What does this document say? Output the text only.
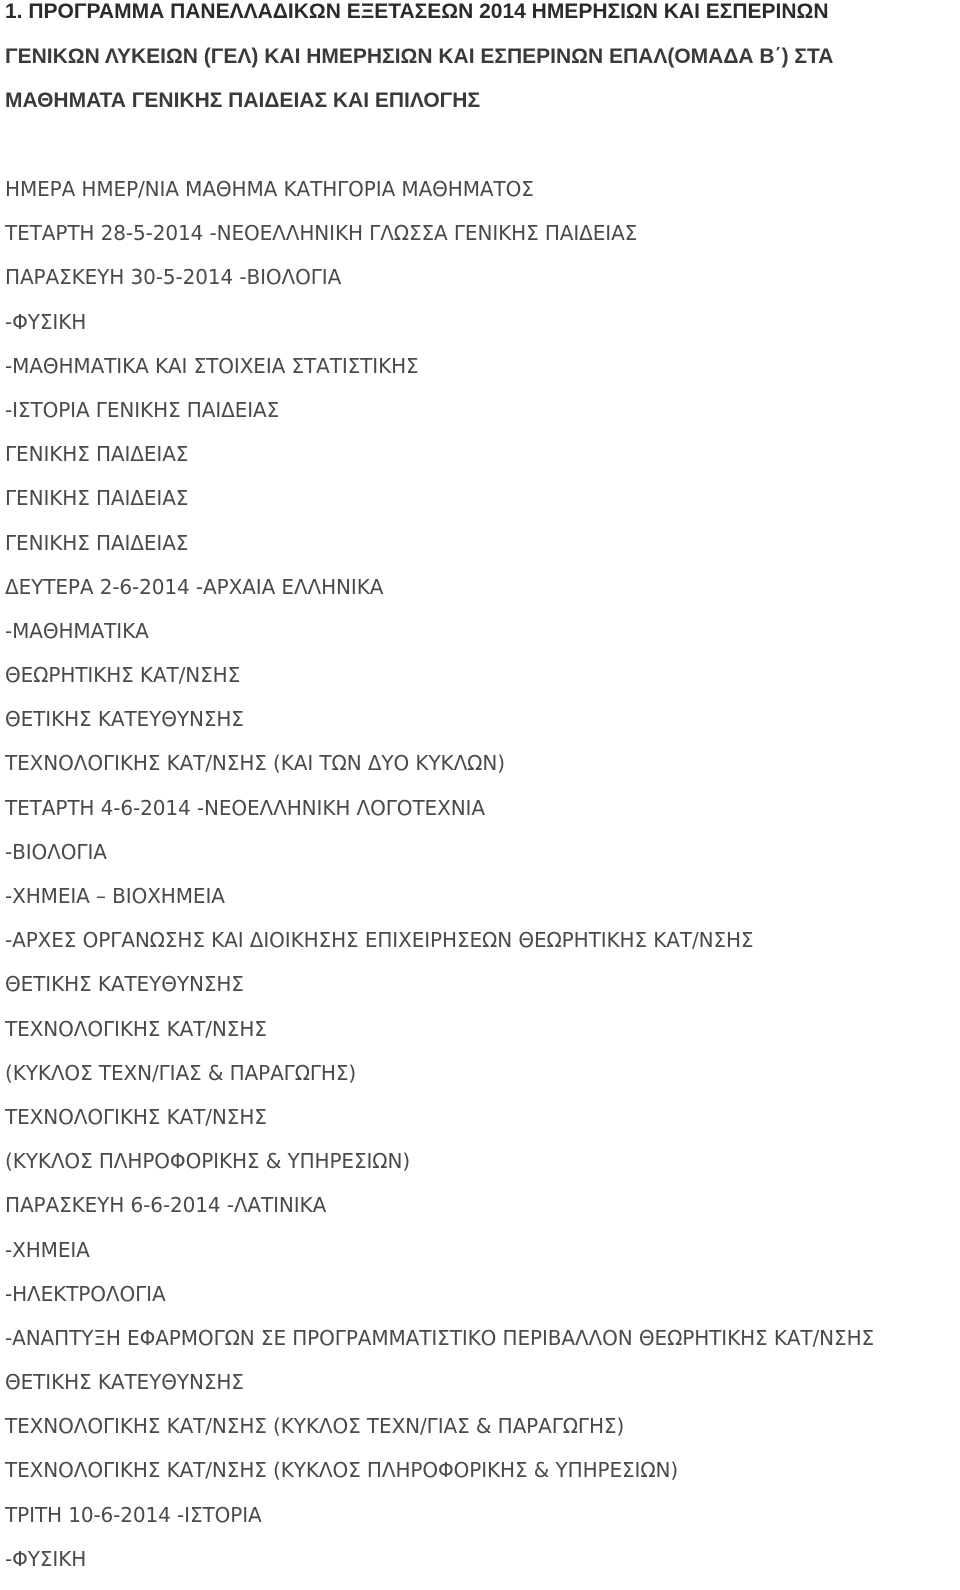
1. ΠΡΟΓΡΑΜΜΑ ΠΑΝΕΛΛΑΔΙΚΩΝ ΕΞΕΤΑΣΕΩΝ 2014 ΗΜΕΡΗΣΙΩΝ ΚΑΙ ΕΣΠΕΡΙΝΩΝ
ΓΕΝΙΚΩΝ ΛΥΚΕΙΩΝ (ΓΕΛ) ΚΑΙ ΗΜΕΡΗΣΙΩΝ ΚΑΙ ΕΣΠΕΡΙΝΩΝ ΕΠΑΛ(ΟΜΑΔΑ Β΄) ΣΤΑ
ΜΑΘΗΜΑΤΑ ΓΕΝΙΚΗΣ ΠΑΙΔΕΙΑΣ ΚΑΙ ΕΠΙΛΟΓΗΣ
ΗΜΕΡΑ ΗΜΕΡ/ΝΙΑ ΜΑΘΗΜΑ ΚΑΤΗΓΟΡΙΑ ΜΑΘΗΜΑΤΟΣ
ΤΕΤΑΡΤΗ 28-5-2014 -ΝΕΟΕΛΛΗΝΙΚΗ ΓΛΩΣΣΑ ΓΕΝΙΚΗΣ ΠΑΙΔΕΙΑΣ
ΠΑΡΑΣΚΕΥΗ 30-5-2014 -ΒΙΟΛΟΓΙΑ
-ΦΥΣΙΚΗ
-ΜΑΘΗΜΑΤΙΚΑ ΚΑΙ ΣΤΟΙΧΕΙΑ ΣΤΑΤΙΣΤΙΚΗΣ
-ΙΣΤΟΡΙΑ ΓΕΝΙΚΗΣ ΠΑΙΔΕΙΑΣ
ΓΕΝΙΚΗΣ ΠΑΙΔΕΙΑΣ
ΓΕΝΙΚΗΣ ΠΑΙΔΕΙΑΣ
ΓΕΝΙΚΗΣ ΠΑΙΔΕΙΑΣ
ΔΕΥΤΕΡΑ 2-6-2014 -ΑΡΧΑΙΑ ΕΛΛΗΝΙΚΑ
-ΜΑΘΗΜΑΤΙΚΑ
ΘΕΩΡΗΤΙΚΗΣ ΚΑΤ/ΝΣΗΣ
ΘΕΤΙΚΗΣ ΚΑΤΕΥΘΥΝΣΗΣ
ΤΕΧΝΟΛΟΓΙΚΗΣ ΚΑΤ/ΝΣΗΣ (ΚΑΙ ΤΩΝ ΔΥΟ ΚΥΚΛΩΝ)
ΤΕΤΑΡΤΗ 4-6-2014 -ΝΕΟΕΛΛΗΝΙΚΗ ΛΟΓΟΤΕΧΝΙΑ
-ΒΙΟΛΟΓΙΑ
-ΧΗΜΕΙΑ – ΒΙΟΧΗΜΕΙΑ
-ΑΡΧΕΣ ΟΡΓΑΝΩΣΗΣ ΚΑΙ ΔΙΟΙΚΗΣΗΣ ΕΠΙΧΕΙΡΗΣΕΩΝ ΘΕΩΡΗΤΙΚΗΣ ΚΑΤ/ΝΣΗΣ
ΘΕΤΙΚΗΣ ΚΑΤΕΥΘΥΝΣΗΣ
ΤΕΧΝΟΛΟΓΙΚΗΣ ΚΑΤ/ΝΣΗΣ
(ΚΥΚΛΟΣ ΤΕΧΝ/ΓΙΑΣ & ΠΑΡΑΓΩΓΗΣ)
ΤΕΧΝΟΛΟΓΙΚΗΣ ΚΑΤ/ΝΣΗΣ
(ΚΥΚΛΟΣ ΠΛΗΡΟΦΟΡΙΚΗΣ & ΥΠΗΡΕΣΙΩΝ)
ΠΑΡΑΣΚΕΥΗ 6-6-2014 -ΛΑΤΙΝΙΚΑ
-ΧΗΜΕΙΑ
-ΗΛΕΚΤΡΟΛΟΓΙΑ
-ΑΝΑΠΤΥΞΗ ΕΦΑΡΜΟΓΩΝ ΣΕ ΠΡΟΓΡΑΜΜΑΤΙΣΤΙΚΟ ΠΕΡΙΒΑΛΛΟΝ ΘΕΩΡΗΤΙΚΗΣ ΚΑΤ/ΝΣΗΣ
ΘΕΤΙΚΗΣ ΚΑΤΕΥΘΥΝΣΗΣ
ΤΕΧΝΟΛΟΓΙΚΗΣ ΚΑΤ/ΝΣΗΣ (ΚΥΚΛΟΣ ΤΕΧΝ/ΓΙΑΣ & ΠΑΡΑΓΩΓΗΣ)
ΤΕΧΝΟΛΟΓΙΚΗΣ ΚΑΤ/ΝΣΗΣ (ΚΥΚΛΟΣ ΠΛΗΡΟΦΟΡΙΚΗΣ & ΥΠΗΡΕΣΙΩΝ)
ΤΡΙΤΗ 10-6-2014 -ΙΣΤΟΡΙΑ
-ΦΥΣΙΚΗ
